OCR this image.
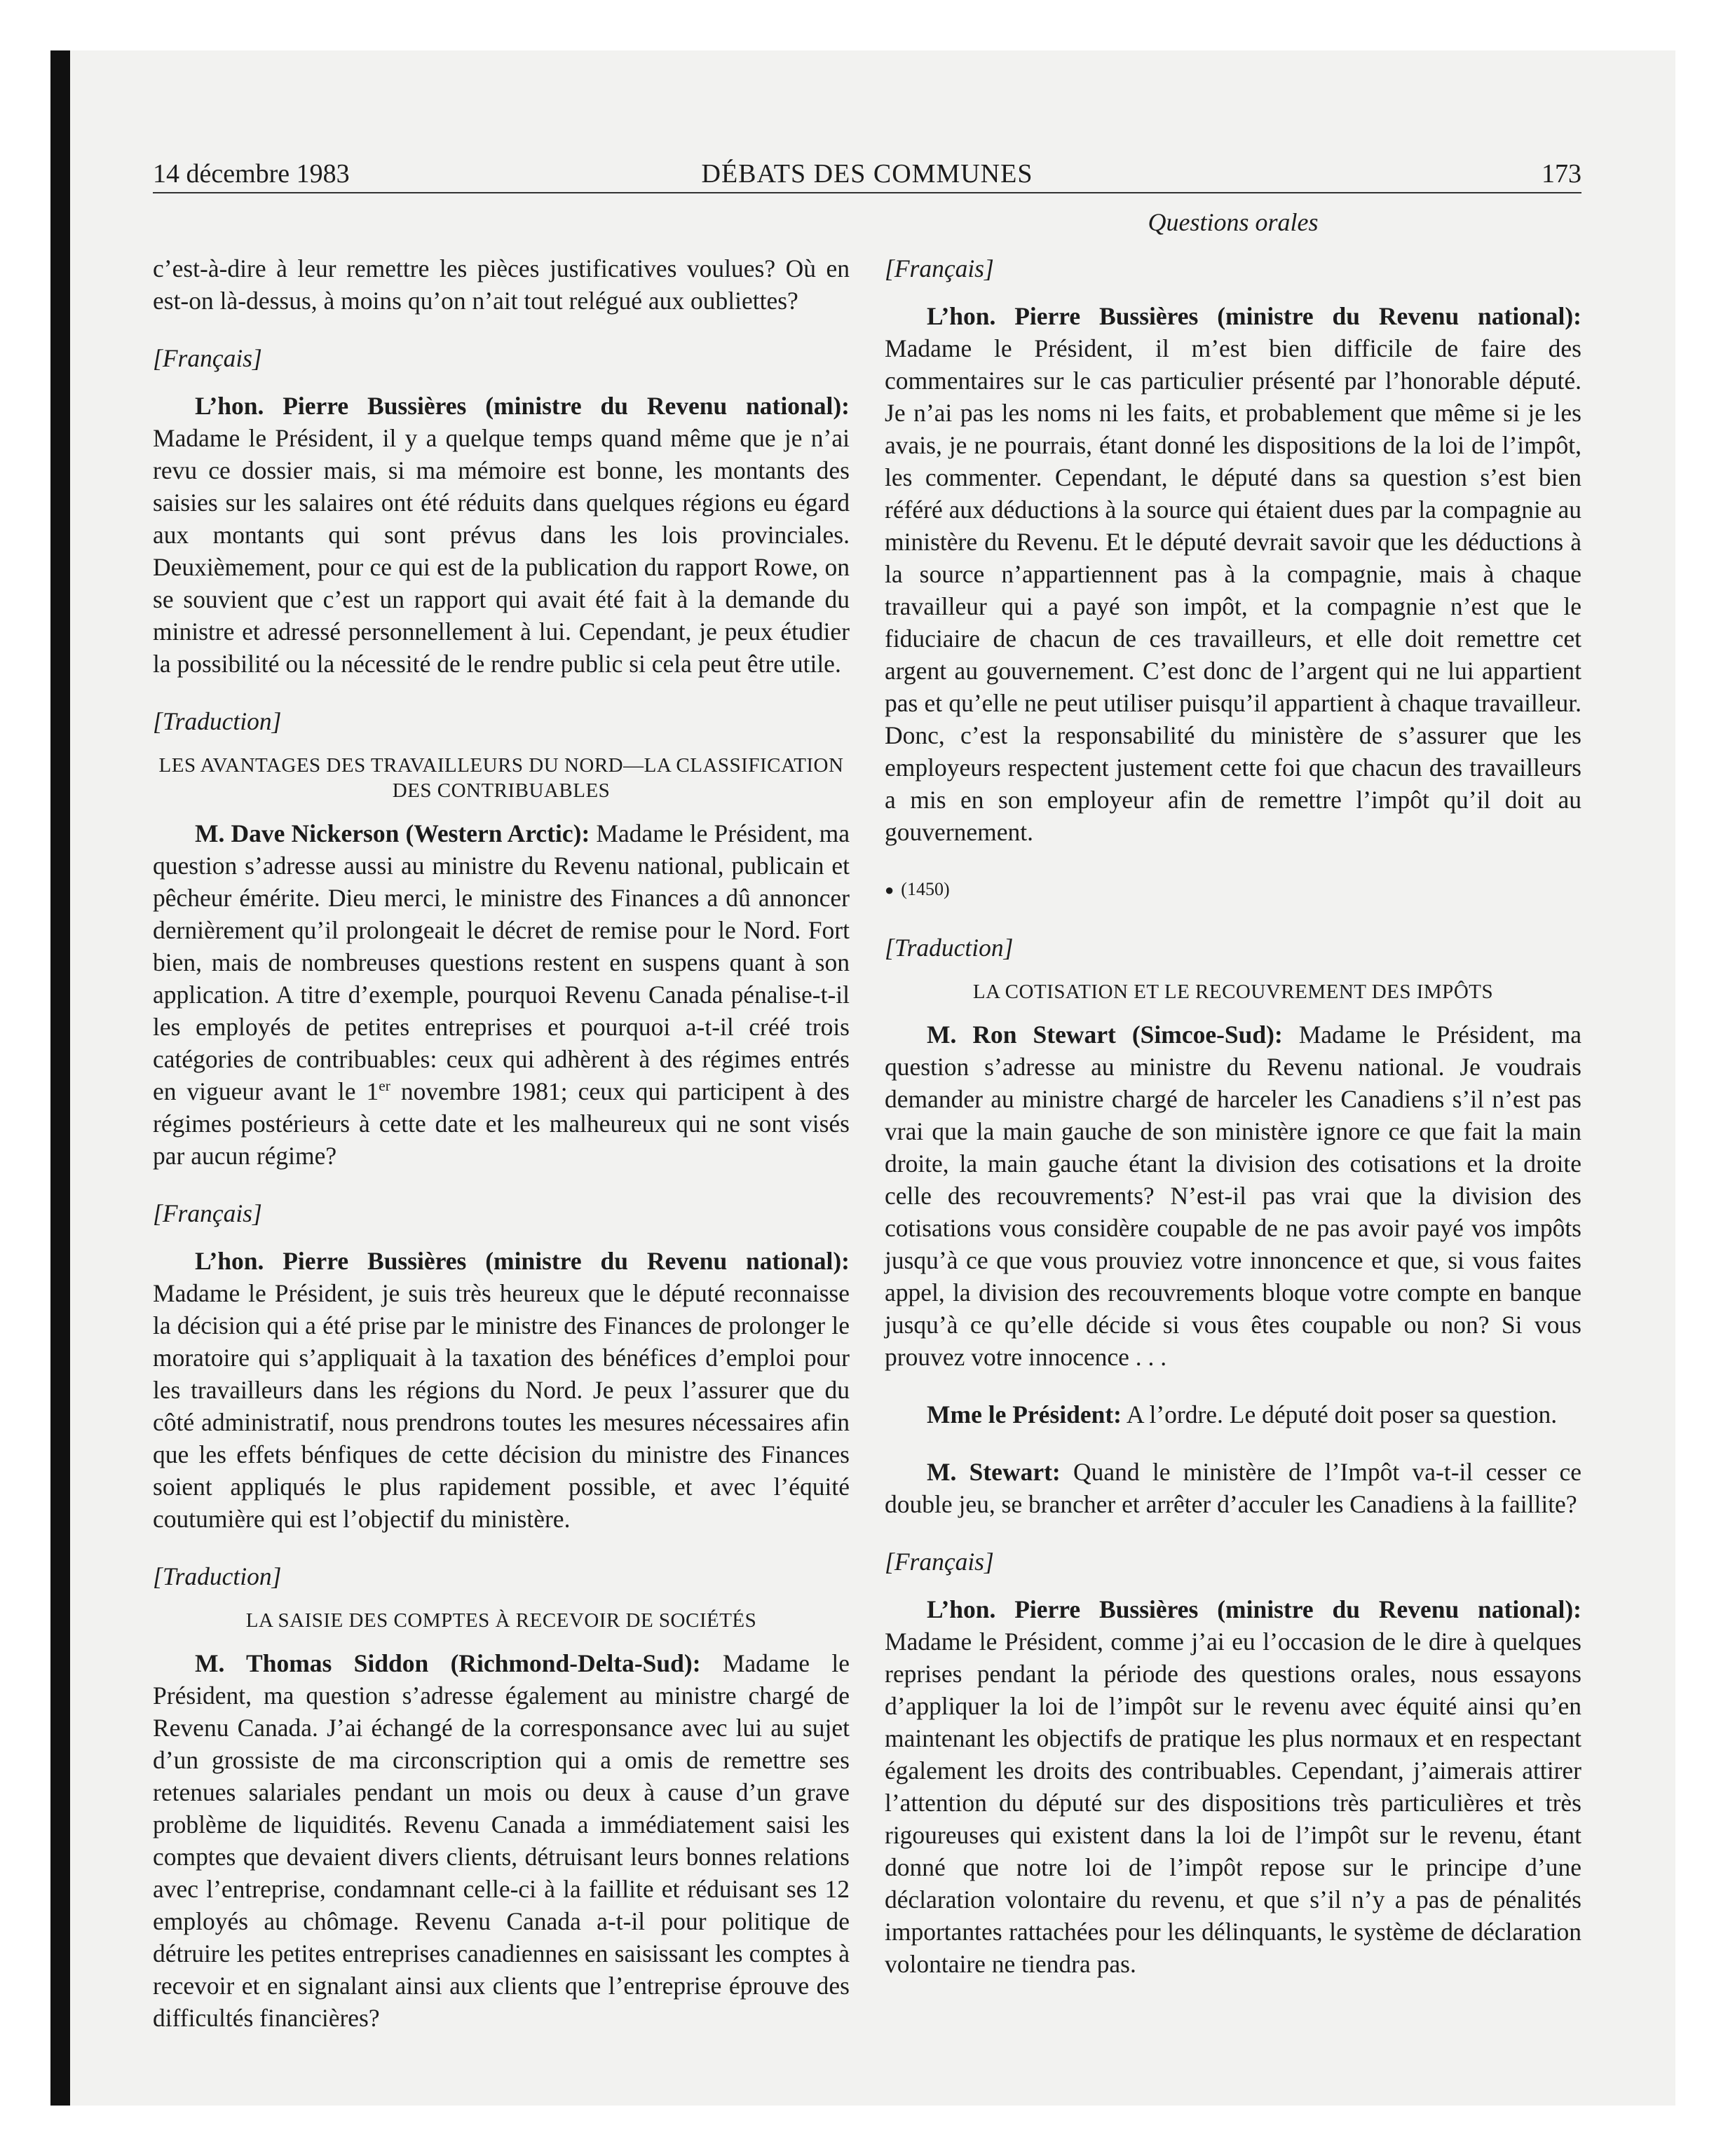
14 décembre 1983	DÉBATS DES COMMUNES	173
Questions orales

c’est-à-dire à leur remettre les pièces justificatives voulues? Où en est-on là-dessus, à moins qu’on n’ait tout relégué aux oubliettes?

[Français]

L’hon. Pierre Bussières (ministre du Revenu national): Madame le Président, il y a quelque temps quand même que je n’ai revu ce dossier mais, si ma mémoire est bonne, les montants des saisies sur les salaires ont été réduits dans quelques régions eu égard aux montants qui sont prévus dans les lois provinciales. Deuxièmement, pour ce qui est de la publication du rapport Rowe, on se souvient que c’est un rapport qui avait été fait à la demande du ministre et adressé personnellement à lui. Cependant, je peux étudier la possibilité ou la nécessité de le rendre public si cela peut être utile.

[Traduction]

LES AVANTAGES DES TRAVAILLEURS DU NORD—LA CLASSIFICATION DES CONTRIBUABLES

M. Dave Nickerson (Western Arctic): Madame le Président, ma question s’adresse aussi au ministre du Revenu national, publicain et pêcheur émérite. Dieu merci, le ministre des Finances a dû annoncer dernièrement qu’il prolongeait le décret de remise pour le Nord. Fort bien, mais de nombreuses questions restent en suspens quant à son application. A titre d’exemple, pourquoi Revenu Canada pénalise-t-il les employés de petites entreprises et pourquoi a-t-il créé trois catégories de contribuables: ceux qui adhèrent à des régimes entrés en vigueur avant le 1er novembre 1981; ceux qui participent à des régimes postérieurs à cette date et les malheureux qui ne sont visés par aucun régime?

[Français]

L’hon. Pierre Bussières (ministre du Revenu national): Madame le Président, je suis très heureux que le député reconnaisse la décision qui a été prise par le ministre des Finances de prolonger le moratoire qui s’appliquait à la taxation des bénéfices d’emploi pour les travailleurs dans les régions du Nord. Je peux l’assurer que du côté administratif, nous prendrons toutes les mesures nécessaires afin que les effets bénfiques de cette décision du ministre des Finances soient appliqués le plus rapidement possible, et avec l’équité coutumière qui est l’objectif du ministère.

[Traduction]

LA SAISIE DES COMPTES À RECEVOIR DE SOCIÉTÉS

M. Thomas Siddon (Richmond-Delta-Sud): Madame le Président, ma question s’adresse également au ministre chargé de Revenu Canada. J’ai échangé de la corresponsance avec lui au sujet d’un grossiste de ma circonscription qui a omis de remettre ses retenues salariales pendant un mois ou deux à cause d’un grave problème de liquidités. Revenu Canada a immédiatement saisi les comptes que devaient divers clients, détruisant leurs bonnes relations avec l’entreprise, condamnant celle-ci à la faillite et réduisant ses 12 employés au chômage. Revenu Canada a-t-il pour politique de détruire les petites entreprises canadiennes en saisissant les comptes à recevoir et en signalant ainsi aux clients que l’entreprise éprouve des difficultés financières?

[Français]

L’hon. Pierre Bussières (ministre du Revenu national): Madame le Président, il m’est bien difficile de faire des commentaires sur le cas particulier présenté par l’honorable député. Je n’ai pas les noms ni les faits, et probablement que même si je les avais, je ne pourrais, étant donné les dispositions de la loi de l’impôt, les commenter. Cependant, le député dans sa question s’est bien référé aux déductions à la source qui étaient dues par la compagnie au ministère du Revenu. Et le député devrait savoir que les déductions à la source n’appartiennent pas à la compagnie, mais à chaque travailleur qui a payé son impôt, et la compagnie n’est que le fiduciaire de chacun de ces travailleurs, et elle doit remettre cet argent au gouvernement. C’est donc de l’argent qui ne lui appartient pas et qu’elle ne peut utiliser puisqu’il appartient à chaque travailleur. Donc, c’est la responsabilité du ministère de s’assurer que les employeurs respectent justement cette foi que chacun des travailleurs a mis en son employeur afin de remettre l’impôt qu’il doit au gouvernement.

● (1450)

[Traduction]

LA COTISATION ET LE RECOUVREMENT DES IMPÔTS

M. Ron Stewart (Simcoe-Sud): Madame le Président, ma question s’adresse au ministre du Revenu national. Je voudrais demander au ministre chargé de harceler les Canadiens s’il n’est pas vrai que la main gauche de son ministère ignore ce que fait la main droite, la main gauche étant la division des cotisations et la droite celle des recouvrements? N’est-il pas vrai que la division des cotisations vous considère coupable de ne pas avoir payé vos impôts jusqu’à ce que vous prouviez votre innoncence et que, si vous faites appel, la division des recouvrements bloque votre compte en banque jusqu’à ce qu’elle décide si vous êtes coupable ou non? Si vous prouvez votre innocence . . .

Mme le Président: A l’ordre. Le député doit poser sa question.

M. Stewart: Quand le ministère de l’Impôt va-t-il cesser ce double jeu, se brancher et arrêter d’acculer les Canadiens à la faillite?

[Français]

L’hon. Pierre Bussières (ministre du Revenu national): Madame le Président, comme j’ai eu l’occasion de le dire à quelques reprises pendant la période des questions orales, nous essayons d’appliquer la loi de l’impôt sur le revenu avec équité ainsi qu’en maintenant les objectifs de pratique les plus normaux et en respectant également les droits des contribuables. Cependant, j’aimerais attirer l’attention du député sur des dispositions très particulières et très rigoureuses qui existent dans la loi de l’impôt sur le revenu, étant donné que notre loi de l’impôt repose sur le principe d’une déclaration volontaire du revenu, et que s’il n’y a pas de pénalités importantes rattachées pour les délinquants, le système de déclaration volontaire ne tiendra pas.
